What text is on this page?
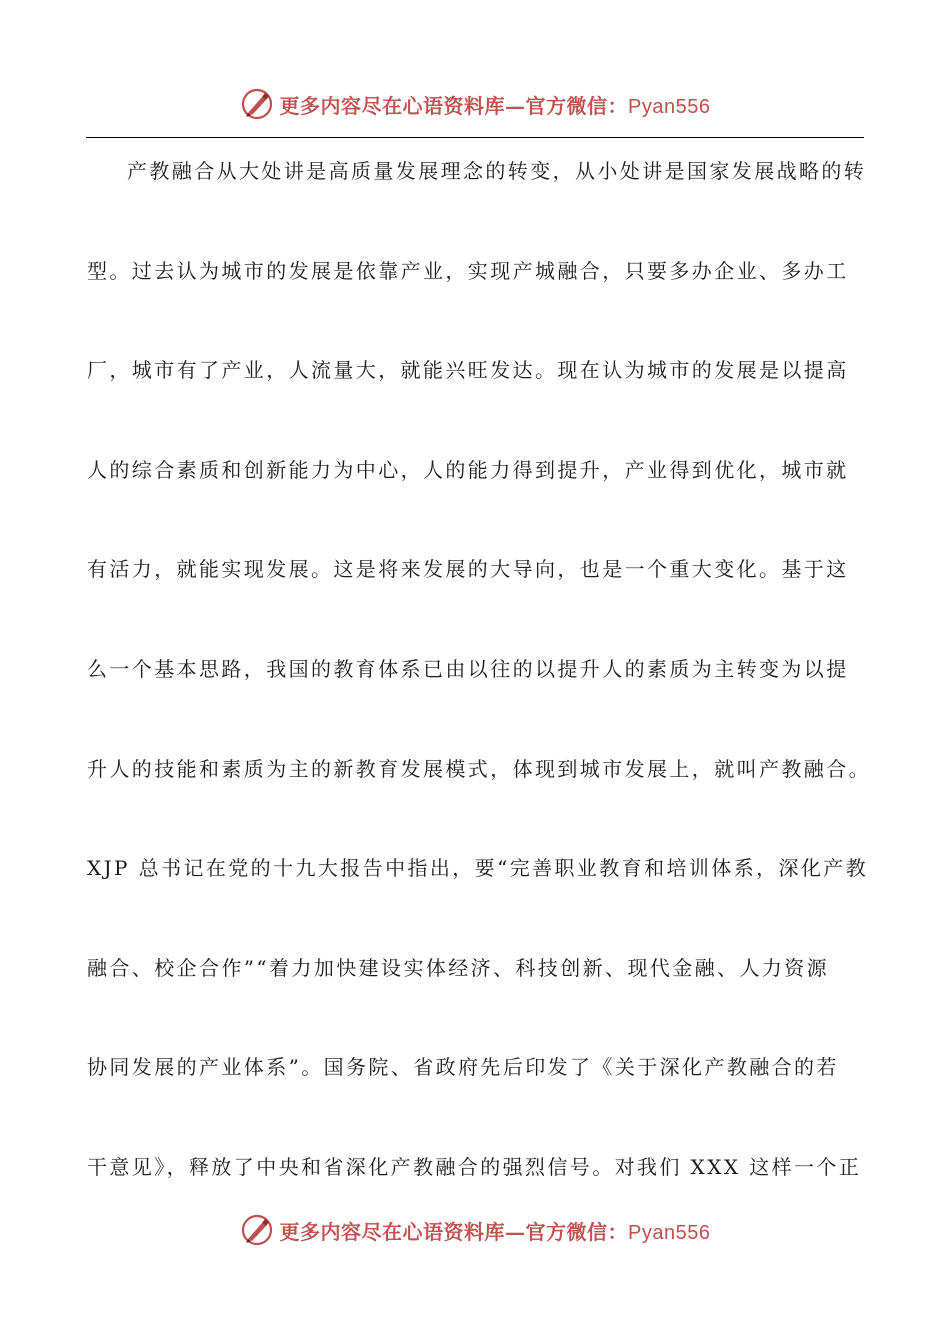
更多内容尽在心语资料库—官方微信：Pyan556
产教融合从大处讲是高质量发展理念的转变，从小处讲是国家发展战略的转
型。过去认为城市的发展是依靠产业，实现产城融合，只要多办企业、多办工
厂，城市有了产业，人流量大，就能兴旺发达。现在认为城市的发展是以提高
人的综合素质和创新能力为中心，人的能力得到提升，产业得到优化，城市就
有活力，就能实现发展。这是将来发展的大导向，也是一个重大变化。基于这
么一个基本思路，我国的教育体系已由以往的以提升人的素质为主转变为以提
升人的技能和素质为主的新教育发展模式，体现到城市发展上，就叫产教融合。
XJP 总书记在党的十九大报告中指出，要“完善职业教育和培训体系，深化产教
融合、校企合作”“着力加快建设实体经济、科技创新、现代金融、人力资源
协同发展的产业体系”。国务院、省政府先后印发了《关于深化产教融合的若
干意见》，释放了中央和省深化产教融合的强烈信号。对我们 XXX 这样一个正
更多内容尽在心语资料库—官方微信：Pyan556
